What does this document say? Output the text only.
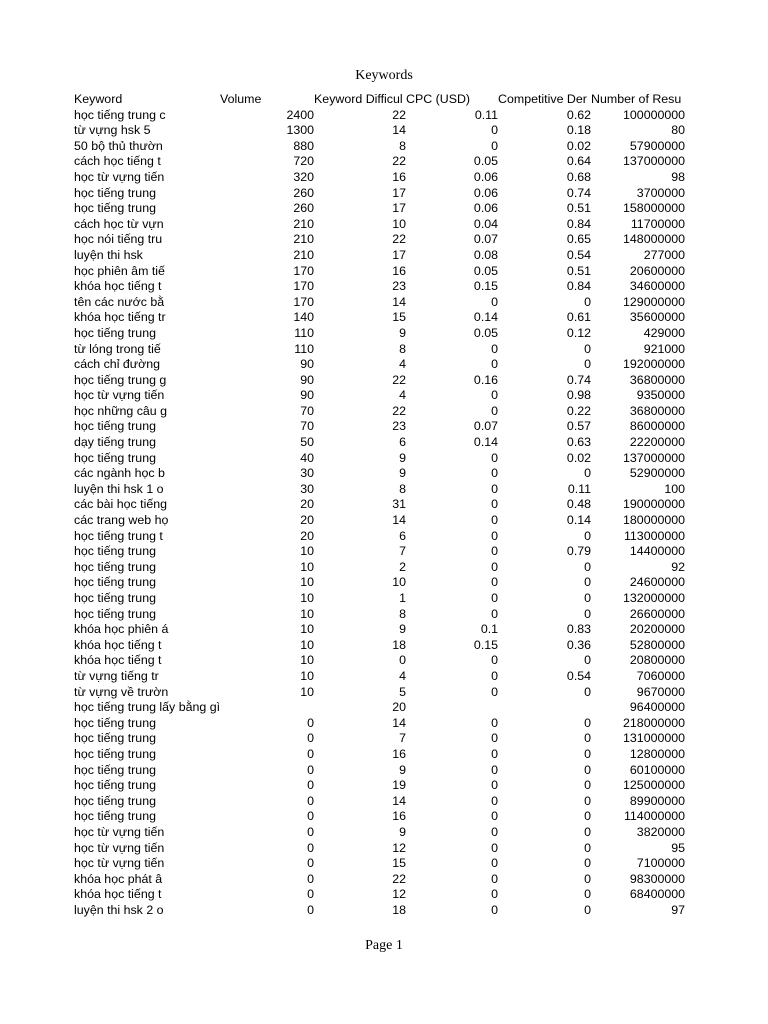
Keywords
Keyword	Volume	Keyword Difficul	CPC (USD)	Competitive Der	Number of Resu
học tiếng trung c	2400	22	0.11	0.62	100000000
từ vựng hsk 5	1300	14	0	0.18	80
50 bộ thủ thườn	880	8	0	0.02	57900000
cách học tiếng t	720	22	0.05	0.64	137000000
học từ vựng tiến	320	16	0.06	0.68	98
học tiếng trung	260	17	0.06	0.74	3700000
học tiếng trung	260	17	0.06	0.51	158000000
cách học từ vựn	210	10	0.04	0.84	11700000
học nói tiếng tru	210	22	0.07	0.65	148000000
luyện thi hsk	210	17	0.08	0.54	277000
học phiên âm tiế	170	16	0.05	0.51	20600000
khóa học tiếng t	170	23	0.15	0.84	34600000
tên các nước bằ	170	14	0	0	129000000
khóa học tiếng tr	140	15	0.14	0.61	35600000
học tiếng trung	110	9	0.05	0.12	429000
từ lóng trong tiế	110	8	0	0	921000
cách chỉ đường	90	4	0	0	192000000
học tiếng trung g	90	22	0.16	0.74	36800000
học từ vựng tiến	90	4	0	0.98	9350000
học những câu g	70	22	0	0.22	36800000
học tiếng trung	70	23	0.07	0.57	86000000
dạy tiếng trung	50	6	0.14	0.63	22200000
học tiếng trung	40	9	0	0.02	137000000
các ngành học b	30	9	0	0	52900000
luyện thi hsk 1 o	30	8	0	0.11	100
các bài học tiếng	20	31	0	0.48	190000000
các trang web họ	20	14	0	0.14	180000000
học tiếng trung t	20	6	0	0	113000000
học tiếng trung	10	7	0	0.79	14400000
học tiếng trung	10	2	0	0	92
học tiếng trung	10	10	0	0	24600000
học tiếng trung	10	1	0	0	132000000
học tiếng trung	10	8	0	0	26600000
khóa học phiên á	10	9	0.1	0.83	20200000
khóa học tiếng t	10	18	0.15	0.36	52800000
khóa học tiếng t	10	0	0	0	20800000
từ vựng tiếng tr	10	4	0	0.54	7060000
từ vựng về trườn	10	5	0	0	9670000
học tiếng trung lấy bằng gì		20			96400000
học tiếng trung	0	14	0	0	218000000
học tiếng trung	0	7	0	0	131000000
học tiếng trung	0	16	0	0	12800000
học tiếng trung	0	9	0	0	60100000
học tiếng trung	0	19	0	0	125000000
học tiếng trung	0	14	0	0	89900000
học tiếng trung	0	16	0	0	114000000
học từ vựng tiến	0	9	0	0	3820000
học từ vựng tiến	0	12	0	0	95
học từ vựng tiến	0	15	0	0	7100000
khóa học phát â	0	22	0	0	98300000
khóa học tiếng t	0	12	0	0	68400000
luyện thi hsk 2 o	0	18	0	0	97
Page 1
